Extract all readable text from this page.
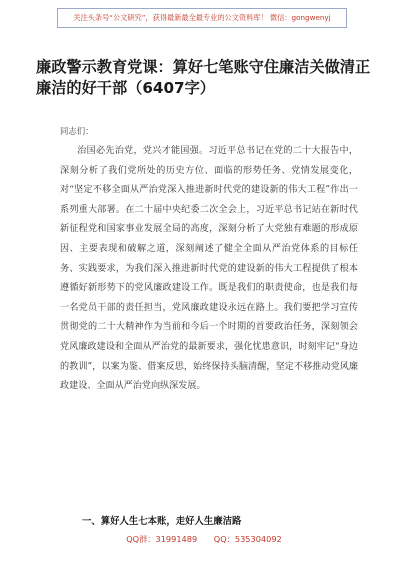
关注头条号“公文研究”，获得最新最全最专业的公文资料库！ 微信：gongwenyj
廉政警示教育党课：算好七笔账守住廉洁关做清正廉洁的好干部（6407字）
同志们：

治国必先治党，党兴才能国强。习近平总书记在党的二十大报告中，深刻分析了我们党所处的历史方位、面临的形势任务、党情发展变化，对“坚定不移全面从严治党深入推进新时代党的建设新的伟大工程”作出一系列重大部署。在二十届中央纪委二次全会上，习近平总书记站在新时代新征程党和国家事业发展全局的高度，深刻分析了大党独有难题的形成原因、主要表现和破解之道，深刻阐述了健全全面从严治党体系的目标任务、实践要求，为我们深入推进新时代党的建设新的伟大工程提供了根本遵循好新形势下的党风廉政建设工作。既是我们的职责使命，也是我们每一名党员干部的责任担当，党风廉政建设永远在路上。我们要把学习宣传贯彻党的二十大精神作为当前和今后一个时期的首要政治任务，深刻领会党风廉政建设和全面从严治党的最新要求，强化忧患意识，时刻牢记“身边的教训”，以案为鉴、借案反思，始终保持头脑清醒，坚定不移推动党风廉政建设、全面从严治党向纵深发展。

一、算好人生七本账，走好人生廉洁路
QQ群：31991489 QQ：535304092
